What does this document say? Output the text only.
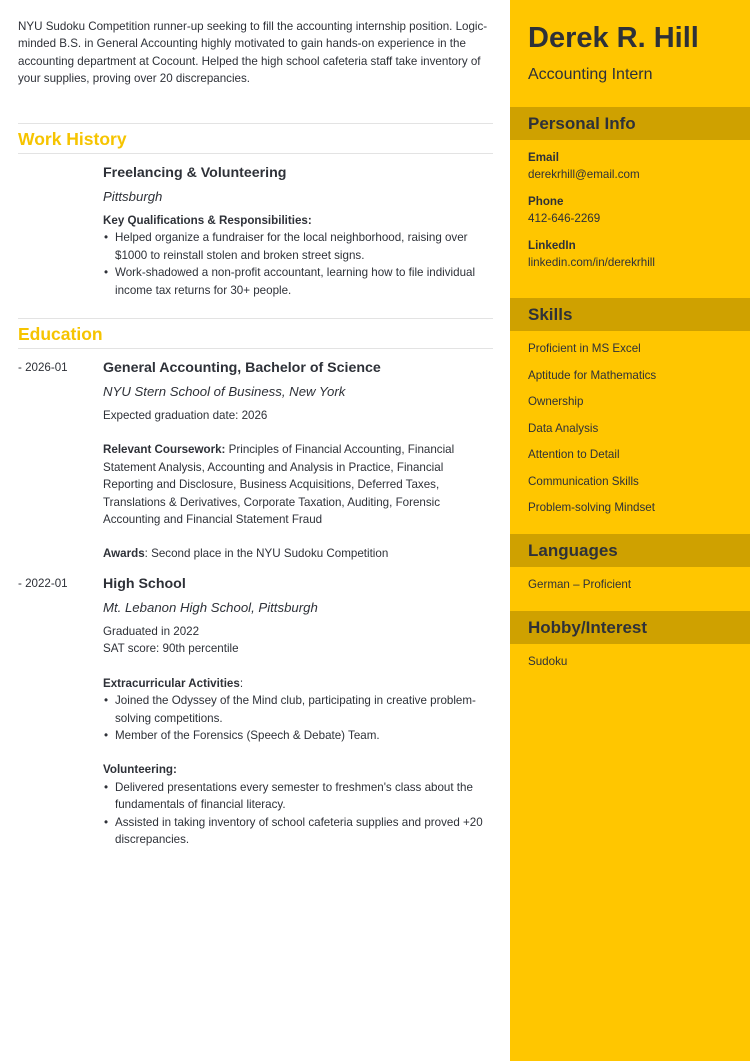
NYU Sudoku Competition runner-up seeking to fill the accounting internship position. Logic-minded B.S. in General Accounting highly motivated to gain hands-on experience in the accounting department at Cocount. Helped the high school cafeteria staff take inventory of your supplies, proving over 20 discrepancies.

Work History
Freelancing & Volunteering
Pittsburgh
Key Qualifications & Responsibilities:
• Helped organize a fundraiser for the local neighborhood, raising over $1000 to reinstall stolen and broken street signs.
• Work-shadowed a non-profit accountant, learning how to file individual income tax returns for 30+ people.
Education
- 2026-01 General Accounting, Bachelor of Science
NYU Stern School of Business, New York
Expected graduation date: 2026
Relevant Coursework: Principles of Financial Accounting, Financial Statement Analysis, Accounting and Analysis in Practice, Financial Reporting and Disclosure, Business Acquisitions, Deferred Taxes, Translations & Derivatives, Corporate Taxation, Auditing, Forensic Accounting and Financial Statement Fraud
Awards: Second place in the NYU Sudoku Competition
- 2022-01 High School
Mt. Lebanon High School, Pittsburgh
Graduated in 2022
SAT score: 90th percentile
Extracurricular Activities:
• Joined the Odyssey of the Mind club, participating in creative problem-solving competitions.
• Member of the Forensics (Speech & Debate) Team.
Volunteering:
• Delivered presentations every semester to freshmen's class about the fundamentals of financial literacy.
• Assisted in taking inventory of school cafeteria supplies and proved +20 discrepancies.
Derek R. Hill
Accounting Intern
Personal Info
Email
derekrhill@email.com
Phone
412-646-2269
LinkedIn
linkedin.com/in/derekrhill
Skills
Proficient in MS Excel
Aptitude for Mathematics
Ownership
Data Analysis
Attention to Detail
Communication Skills
Problem-solving Mindset
Languages
German – Proficient
Hobby/Interest
Sudoku
